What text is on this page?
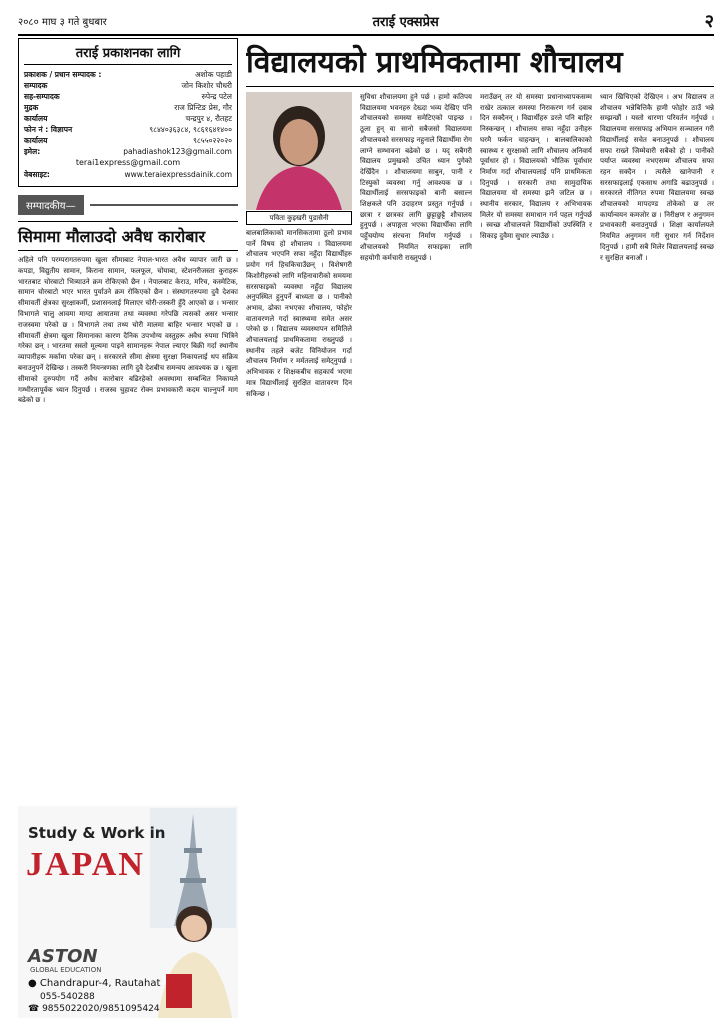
२०८० माघ ३ गते बुधबार	तराई एक्सप्रेस	२
तराई प्रकाशनका लागि
प्रकाशक / प्रधान सम्पादक :	अशोक पहाडी
सम्पादक	जोन किशोर चौधरी
सह-सम्पादक	रुपेन्द्र पटेल
मुद्रक	राज प्रिन्टिङ प्रेस, गौर
कार्यालय	चन्द्रपुर ४, रौतहट
फोन नं : विज्ञापन	९८४४०३६३८४, ९८६१६४१४००
कार्यालय	९८५५०२२०२०
इमेल:	pahadiashok123@gmail.com
terai1express@gmail.com
वेबसाइट:	www.teraiexpressdainik.com
सम्पादकीय—
सिमामा मौलाउदो अवैध कारोबार
अहिले पनि परम्परागतरुपमा खुला सीमाबाट नेपाल-भारत अवैध व्यापार जारी छ । कपडा, विद्युतीय सामान, किराना सामान, फलफूल, चोयाबा, स्टेशनरीजस्ता कुराहरू भारतबाट चोरबाटो भित्र्याउने क्रम रोकिएको छैन । नेपालबाट केराउ, मरिच, कस्मेटिक, सामान चोरबाटो भएर भारत पुर्याउने क्रम रोकिएको छैन । संस्थागतरुपमा दुवै देशका सीमावर्ती क्षेत्रका सुरक्षाकर्मी, प्रशासनलाई मिलाएर चोरी-तस्करी हुँदै आएको छ । भन्सार विभागले चालु आवमा माग्दा आयातमा तथा व्यवस्था गरेपछि त्यसको असर भन्सार राजस्वमा परेको छ । विभागले तथा तथ्य चोरी मालमा बाहिर भन्सार भएको छ । सीमावर्ती क्षेत्रमा खुला सिमानाका कारण दैनिक उपभोग्य वस्तुहरू अवैध रुपमा भित्रिने गरेका छन् । भारतमा सस्तो मूल्यमा पाइने सामानहरू नेपाल ल्याएर बिक्री गर्दा स्थानीय व्यापारीहरू मर्कामा परेका छन् । सरकारले सीमा क्षेत्रमा सुरक्षा निकायलाई थप सक्रिय बनाउनुपर्ने देखिन्छ । तस्करी नियन्त्रणका लागि दुवै देशबीच समन्वय आवश्यक छ । खुला सीमाको दुरुपयोग गर्दै अवैध कारोबार बढिरहेको अवस्थामा सम्बन्धित निकायले गम्भीरतापूर्वक ध्यान दिनुपर्छ । राजस्व चुहावट रोक्न प्रभावकारी कदम चाल्नुपर्ने माग बढेको छ ।
Study & Work in
JAPAN
ASTON
GLOBAL EDUCATION
● Chandrapur-4, Rautahat
055-540288
☎ 9855022020/9851095424
विद्यालयको प्राथमिकतामा शौचालय
पविता कुइखरी पुडासैनी
बालबालिकाको मानसिकतामा ठूलो प्रभाव पार्ने विषय हो शौचालय । विद्यालयमा शौचालय भएपनि सफा नहुँदा विद्यार्थीहरु प्रयोग गर्न हिचकिचाउँछन् । विशेषगरी किशोरीहरुको लागि महिनावारीको समयमा सरसफाइको व्यवस्था नहुँदा विद्यालय अनुपस्थित हुनुपर्ने बाध्यता छ । पानीको अभाव, ढोका नभएका शौचालय, फोहोर वातावरणले गर्दा स्वास्थ्यमा समेत असर परेको छ । विद्यालय व्यवस्थापन समितिले शौचालयलाई प्राथमिकतामा राख्नुपर्छ । स्थानीय तहले बजेट विनियोजन गर्दा शौचालय निर्माण र मर्मतलाई समेट्नुपर्छ । अभिभावक र शिक्षकबीच सहकार्य भएमा मात्र विद्यार्थीलाई सुरक्षित वातावरण दिन सकिन्छ ।
सुविधा शौचालयमा हुने पर्छ । हामो कतिपय विद्यालयमा भवनहरु देख्दा भव्य देखिए पनि शौचालयको समस्या समेटिएको पाइन्छ । ठूला हुन् वा सानो सबैजसो विद्यालयमा शौचालयको सरसफाइ नहुनाले विद्यार्थीमा रोग लाग्ने सम्भावना बढेको छ । यद् सबैगरी विद्यालय प्रमुखको उचित ध्यान पुगेको देखिँदैन । शौचालयमा साबुन, पानी र टिस्युको व्यवस्था गर्नु आवश्यक छ । विद्यार्थीलाई सरसफाइको बानी बसाल्न शिक्षकले पनि उदाहरण प्रस्तुत गर्नुपर्छ । छात्रा र छात्रका लागि छुट्टाछुट्टै शौचालय हुनुपर्छ । अपाङ्गता भएका विद्यार्थीका लागि पहुँचयोग्य संरचना निर्माण गर्नुपर्छ । शौचालयको नियमित सफाइका लागि सहयोगी कर्मचारी राख्नुपर्छ ।
मराउँछन् तर यो समस्या प्रधानाध्यापकसम्म राखेर तत्काल समस्या निराकरण गर्न दबाब दिन सक्दैनन् । विद्यार्थीहरु डरले पनि बाहिर निस्कन्छन् । शौचालय सफा नहुँदा उनीहरु घरमै फर्कन चाहन्छन् । बालबालिकाको स्वास्थ्य र सुरक्षाको लागि शौचालय अनिवार्य पूर्वाधार हो । विद्यालयको भौतिक पूर्वाधार निर्माण गर्दा शौचालयलाई पनि प्राथमिकता दिनुपर्छ । सरकारी तथा सामुदायिक विद्यालयमा यो समस्या झनै जटिल छ । स्थानीय सरकार, विद्यालय र अभिभावक मिलेर यो समस्या समाधान गर्न पहल गर्नुपर्छ । स्वच्छ शौचालयले विद्यार्थीको उपस्थिति र सिकाइ दुवैमा सुधार ल्याउँछ ।
ध्यान खिचिएको देखिएन । अभ विद्यालय त शौचालय भन्नेबित्तिकै हामी फोहोर ठाउँ भन्ने सम्झन्छौं । यस्तो धारणा परिवर्तन गर्नुपर्छ । विद्यालयमा सरसफाइ अभियान सञ्चालन गरी विद्यार्थीलाई सचेत बनाउनुपर्छ । शौचालय सफा राख्ने जिम्मेवारी सबैको हो । पानीको पर्याप्त व्यवस्था नभएसम्म शौचालय सफा रहन सक्दैन । त्यसैले खानेपानी र सरसफाइलाई एकसाथ अगाडि बढाउनुपर्छ । सरकारले नीतिगत रुपमा विद्यालयमा स्वच्छ शौचालयको मापदण्ड तोकेको छ तर कार्यान्वयन कमजोर छ । निरीक्षण र अनुगमन प्रभावकारी बनाउनुपर्छ । शिक्षा कार्यालयले नियमित अनुगमन गरी सुधार गर्न निर्देशन दिनुपर्छ । हामी सबै मिलेर विद्यालयलाई स्वच्छ र सुरक्षित बनाऔं ।
